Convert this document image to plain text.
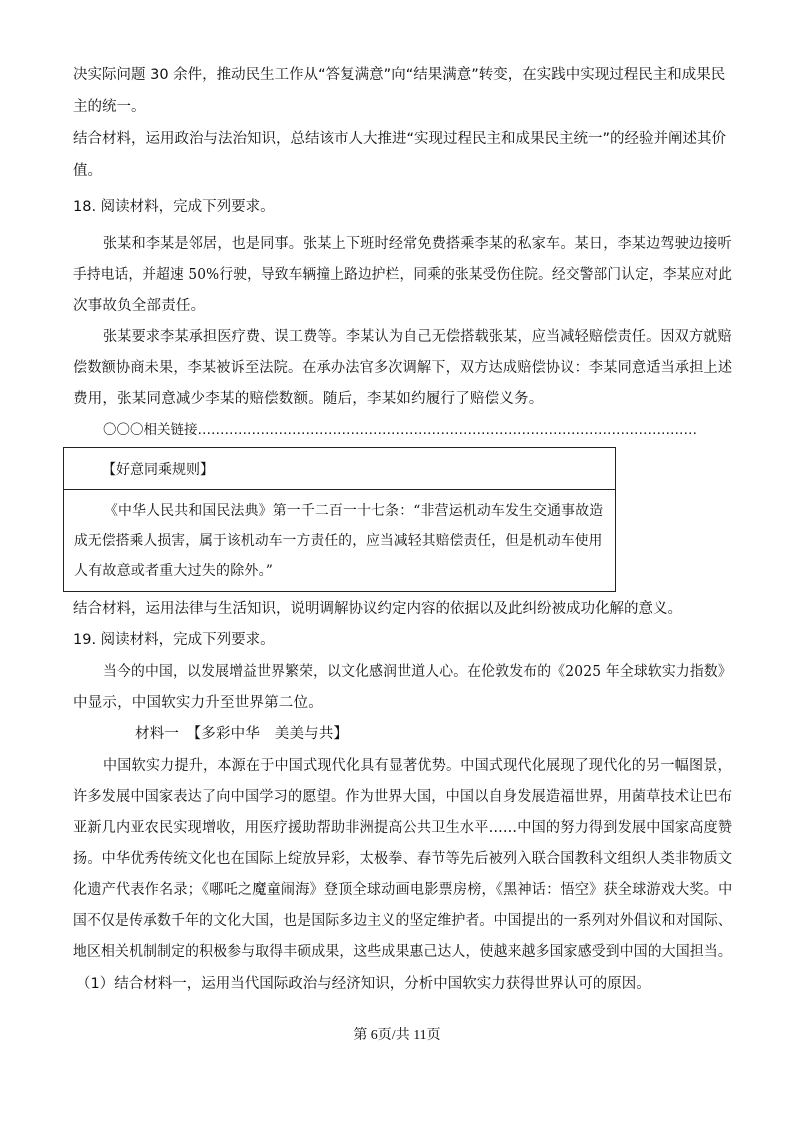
决实际问题 30 余件，推动民生工作从“答复满意”向“结果满意”转变，在实践中实现过程民主和成果民
主的统一。
结合材料，运用政治与法治知识，总结该市人大推进“实现过程民主和成果民主统一”的经验并阐述其价
值。
18. 阅读材料，完成下列要求。
张某和李某是邻居，也是同事。张某上下班时经常免费搭乘李某的私家车。某日，李某边驾驶边接听
手持电话，并超速 50%行驶，导致车辆撞上路边护栏，同乘的张某受伤住院。经交警部门认定，李某应对此
次事故负全部责任。
张某要求李某承担医疗费、误工费等。李某认为自己无偿搭载张某，应当减轻赔偿责任。因双方就赔
偿数额协商未果，李某被诉至法院。在承办法官多次调解下，双方达成赔偿协议：李某同意适当承担上述
费用，张某同意减少李某的赔偿数额。随后，李某如约履行了赔偿义务。
〇〇〇相关链接…………………………………………………………………………………………………
【好意同乘规则】
《中华人民共和国民法典》第一千二百一十七条：“非营运机动车发生交通事故造
成无偿搭乘人损害，属于该机动车一方责任的，应当减轻其赔偿责任，但是机动车使用
人有故意或者重大过失的除外。”
结合材料，运用法律与生活知识，说明调解协议约定内容的依据以及此纠纷被成功化解的意义。
19. 阅读材料，完成下列要求。
当今的中国，以发展增益世界繁荣，以文化感润世道人心。在伦敦发布的《2025 年全球软实力指数》
中显示，中国软实力升至世界第二位。
材料一　【多彩中华　美美与共】
中国软实力提升，本源在于中国式现代化具有显著优势。中国式现代化展现了现代化的另一幅图景，
许多发展中国家表达了向中国学习的愿望。作为世界大国，中国以自身发展造福世界，用菌草技术让巴布
亚新几内亚农民实现增收，用医疗援助帮助非洲提高公共卫生水平……中国的努力得到发展中国家高度赞
扬。中华优秀传统文化也在国际上绽放异彩，太极拳、春节等先后被列入联合国教科文组织人类非物质文
化遗产代表作名录；《哪吒之魔童闹海》登顶全球动画电影票房榜，《黑神话：悟空》获全球游戏大奖。中
国不仅是传承数千年的文化大国，也是国际多边主义的坚定维护者。中国提出的一系列对外倡议和对国际、
地区相关机制制定的积极参与取得丰硕成果，这些成果惠己达人，使越来越多国家感受到中国的大国担当。
（1）结合材料一，运用当代国际政治与经济知识，分析中国软实力获得世界认可的原因。
第 6页/共 11页
